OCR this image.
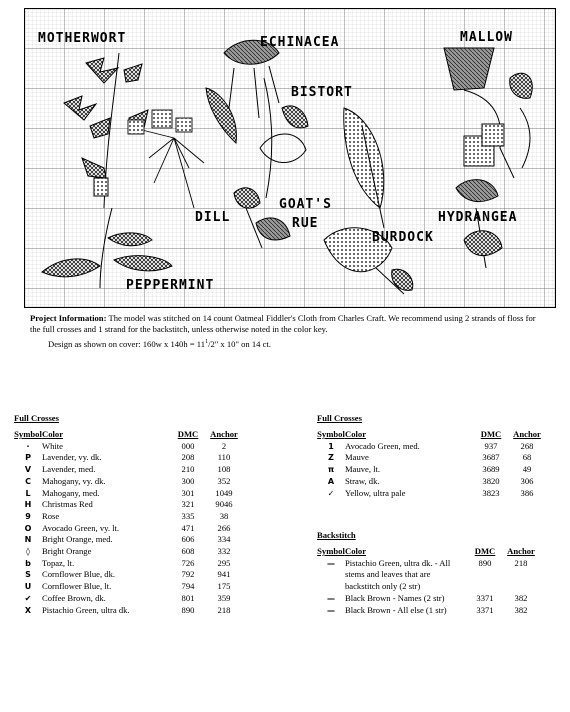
MOTHERWORT	ECHINACEA	MALLOW
BISTORT
DILL
GOAT'S
RUE	HYDRANGEA
BURDOCK
PEPPERMINT

Project Information: The model was stitched on 14 count Oatmeal Fiddler's Cloth from Charles Craft. We recommend using 2 strands of floss for the full crosses and 1 strand for the backstitch, unless otherwise noted in the color key.

Design as shown on cover: 160w x $140h = 11^1/2$" x 10" on 14 ct.

Full Crosses
Symbol	Color	DMC	Anchor
·	White	000	2
P	Lavender, vy. dk.	208	110
V	Lavender, med.	210	108
C	Mahogany, vy. dk.	300	352
L	Mahogany, med.	301	1049
H	Christmas Red	321	9046
9	Rose	335	38
O	Avocado Green, vy. lt.	471	266
N	Bright Orange, med.	606	334
◊	Bright Orange	608	332
b	Topaz, lt.	726	295
S	Cornflower Blue, dk.	792	941
U	Cornflower Blue, lt.	794	175
✔	Coffee Brown, dk.	801	359
X	Pistachio Green, ultra dk.	890	218
Full Crosses
Symbol	Color	DMC	Anchor
1	Avocado Green, med.	937	268
Z	Mauve	3687	68
π	Mauve, lt.	3689	49
A	Straw, dk.	3820	306
✓	Yellow, ultra pale	3823	386
Backstitch
Symbol	Color	DMC	Anchor
—	Pistachio Green, ultra dk. - All	890	218
	stems and leaves that are		
	backstitch only (2 str)		
—	Black Brown - Names (2 str)	3371	382
—	Black Brown - All else (1 str)	3371	382
